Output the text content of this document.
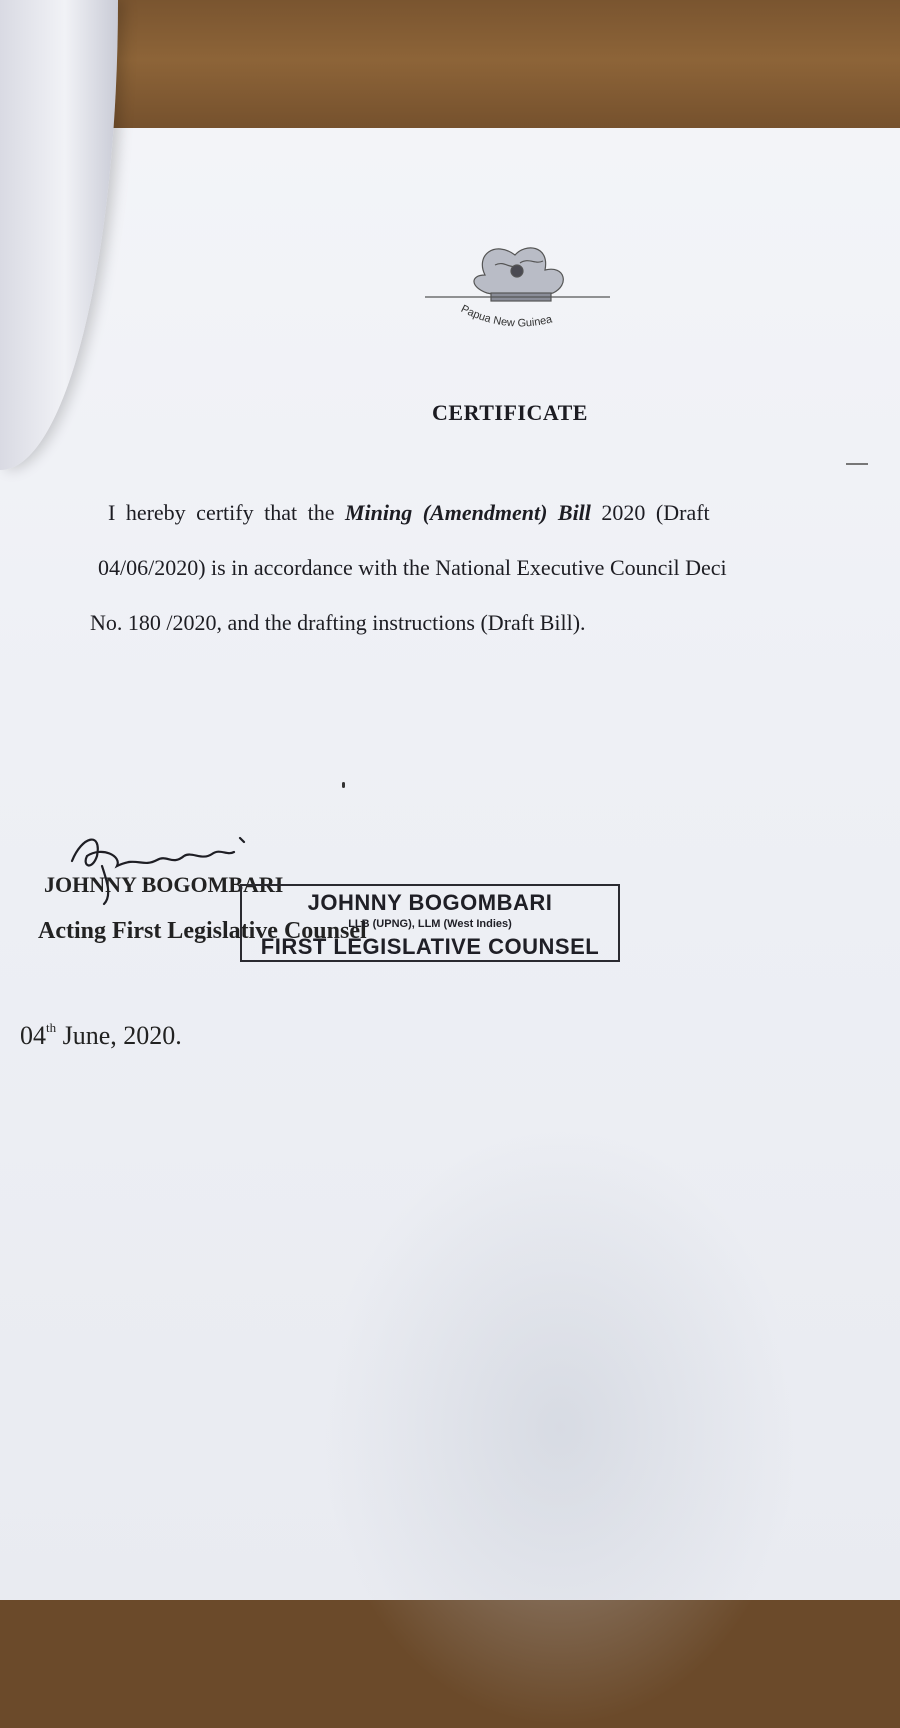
Papua New Guinea
CERTIFICATE
I hereby certify that the Mining (Amendment) Bill 2020 (Draft
04/06/2020) is in accordance with the National Executive Council Deci
No. 180 /2020, and the drafting instructions (Draft Bill).
JOHNNY BOGOMBARI
Acting First Legislative Counsel
JOHNNY BOGOMBARI
LLB (UPNG), LLM (West Indies)
FIRST LEGISLATIVE COUNSEL
04th June, 2020.
